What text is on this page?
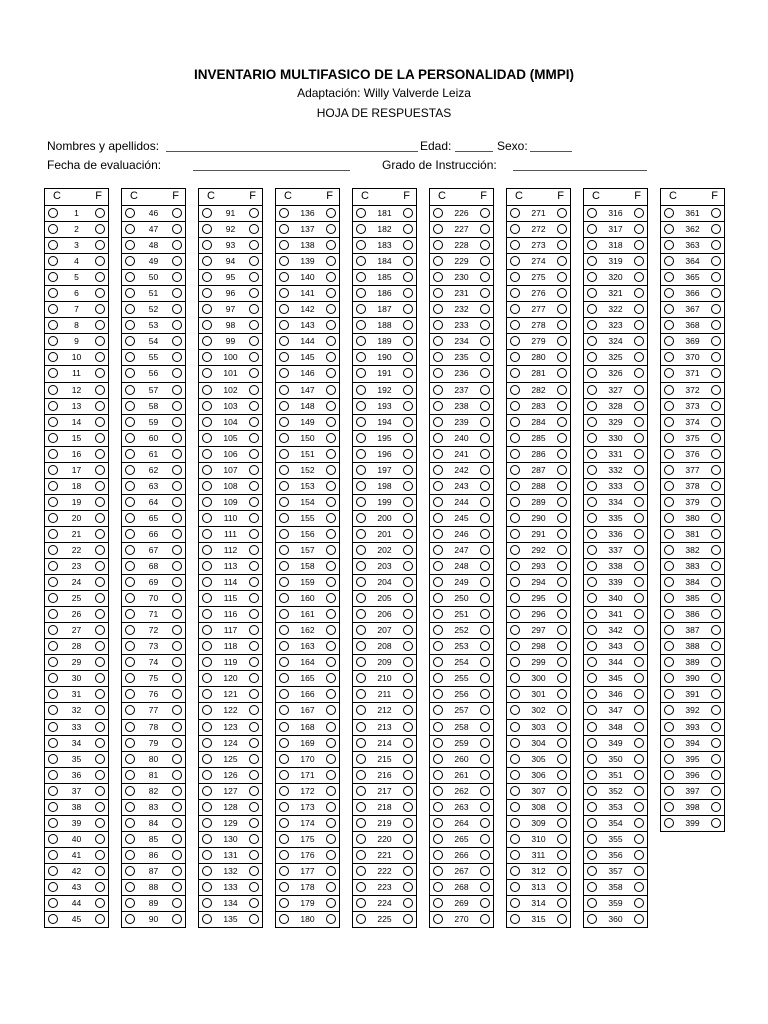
INVENTARIO MULTIFASICO DE LA PERSONALIDAD (MMPI)
Adaptación: Willy Valverde Leiza
HOJA DE RESPUESTAS
Nombres y apellidos:	Edad:	Sexo:
Fecha de evaluación:	Grado de Instrucción:
C	F
1
2
3
4
5
6
7
8
9
10
11
12
13
14
15
16
17
18
19
20
21
22
23
24
25
26
27
28
29
30
31
32
33
34
35
36
37
38
39
40
41
42
43
44
45
C	F
46
47
48
49
50
51
52
53
54
55
56
57
58
59
60
61
62
63
64
65
66
67
68
69
70
71
72
73
74
75
76
77
78
79
80
81
82
83
84
85
86
87
88
89
90
C	F
91
92
93
94
95
96
97
98
99
100
101
102
103
104
105
106
107
108
109
110
111
112
113
114
115
116
117
118
119
120
121
122
123
124
125
126
127
128
129
130
131
132
133
134
135
C	F
136
137
138
139
140
141
142
143
144
145
146
147
148
149
150
151
152
153
154
155
156
157
158
159
160
161
162
163
164
165
166
167
168
169
170
171
172
173
174
175
176
177
178
179
180
C	F
181
182
183
184
185
186
187
188
189
190
191
192
193
194
195
196
197
198
199
200
201
202
203
204
205
206
207
208
209
210
211
212
213
214
215
216
217
218
219
220
221
222
223
224
225
C	F
226
227
228
229
230
231
232
233
234
235
236
237
238
239
240
241
242
243
244
245
246
247
248
249
250
251
252
253
254
255
256
257
258
259
260
261
262
263
264
265
266
267
268
269
270
C	F
271
272
273
274
275
276
277
278
279
280
281
282
283
284
285
286
287
288
289
290
291
292
293
294
295
296
297
298
299
300
301
302
303
304
305
306
307
308
309
310
311
312
313
314
315
C	F
316
317
318
319
320
321
322
323
324
325
326
327
328
329
330
331
332
333
334
335
336
337
338
339
340
341
342
343
344
345
346
347
348
349
350
351
352
353
354
355
356
357
358
359
360
C	F
361
362
363
364
365
366
367
368
369
370
371
372
373
374
375
376
377
378
379
380
381
382
383
384
385
386
387
388
389
390
391
392
393
394
395
396
397
398
399
